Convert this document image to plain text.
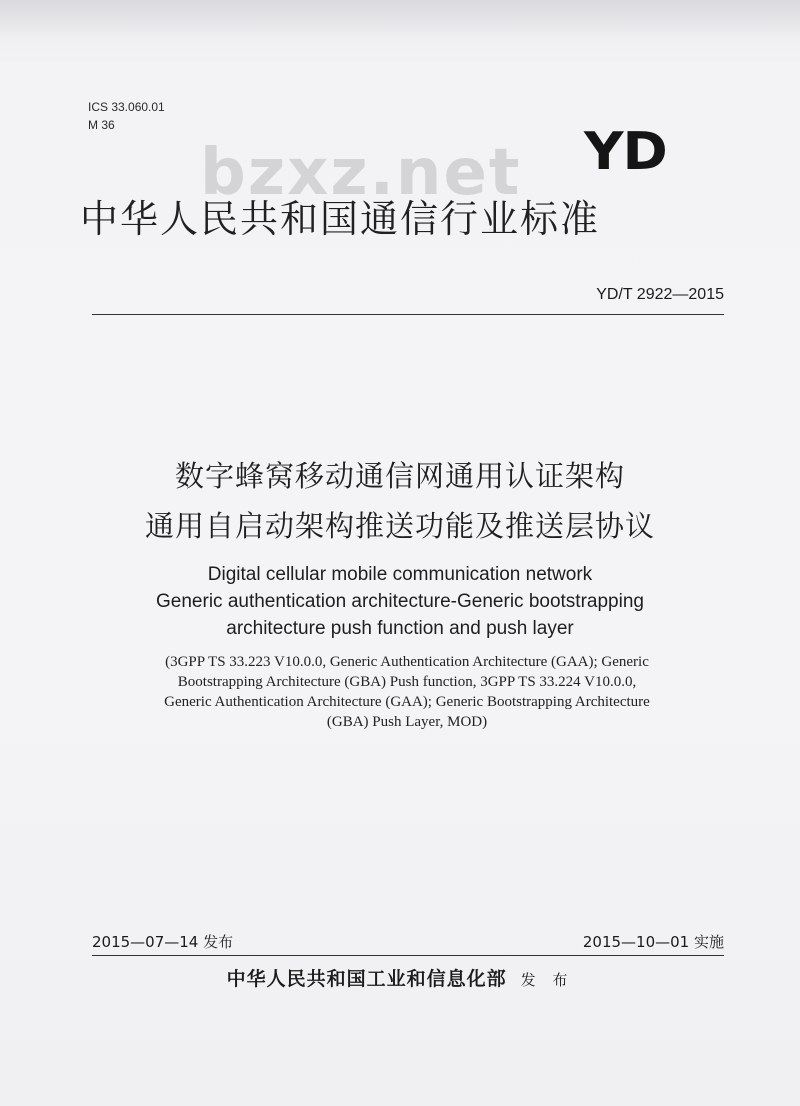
ICS 33.060.01
M 36
bzxz.net YD
中华人民共和国通信行业标准
YD/T 2922—2015
数字蜂窝移动通信网通用认证架构
通用自启动架构推送功能及推送层协议
Digital cellular mobile communication network
Generic authentication architecture-Generic bootstrapping
architecture push function and push layer
(3GPP TS 33.223 V10.0.0, Generic Authentication Architecture (GAA); Generic
Bootstrapping Architecture (GBA) Push function, 3GPP TS 33.224 V10.0.0,
Generic Authentication Architecture (GAA); Generic Bootstrapping Architecture
(GBA) Push Layer, MOD)
2015—07—14 发布	2015—10—01 实施
中华人民共和国工业和信息化部 发 布
